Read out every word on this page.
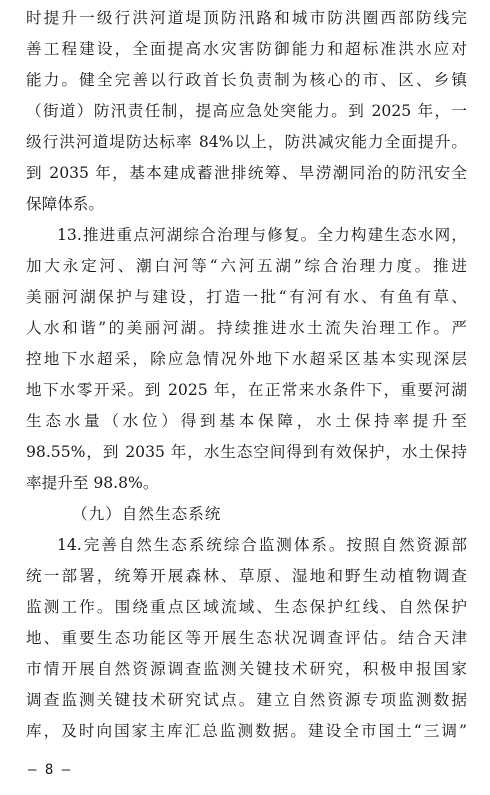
时提升一级行洪河道堤顶防汛路和城市防洪圈西部防线完
善工程建设，全面提高水灾害防御能力和超标准洪水应对
能力。健全完善以行政首长负责制为核心的市、区、乡镇
（街道）防汛责任制，提高应急处突能力。到 2025 年，一
级行洪河道堤防达标率 84%以上，防洪减灾能力全面提升。
到 2035 年，基本建成蓄泄排统筹、旱涝潮同治的防汛安全
保障体系。
13.推进重点河湖综合治理与修复。全力构建生态水网，
加大永定河、潮白河等“六河五湖”综合治理力度。推进
美丽河湖保护与建设，打造一批“有河有水、有鱼有草、
人水和谐”的美丽河湖。持续推进水土流失治理工作。严
控地下水超采，除应急情况外地下水超采区基本实现深层
地下水零开采。到 2025 年，在正常来水条件下，重要河湖
生态水量（水位）得到基本保障，水土保持率提升至
98.55%，到 2035 年，水生态空间得到有效保护，水土保持
率提升至 98.8%。
（九）自然生态系统
14.完善自然生态系统综合监测体系。按照自然资源部
统一部署，统筹开展森林、草原、湿地和野生动植物调查
监测工作。围绕重点区域流域、生态保护红线、自然保护
地、重要生态功能区等开展生态状况调查评估。结合天津
市情开展自然资源调查监测关键技术研究，积极申报国家
调查监测关键技术研究试点。建立自然资源专项监测数据
库，及时向国家主库汇总监测数据。建设全市国土“三调”
– 8 –
